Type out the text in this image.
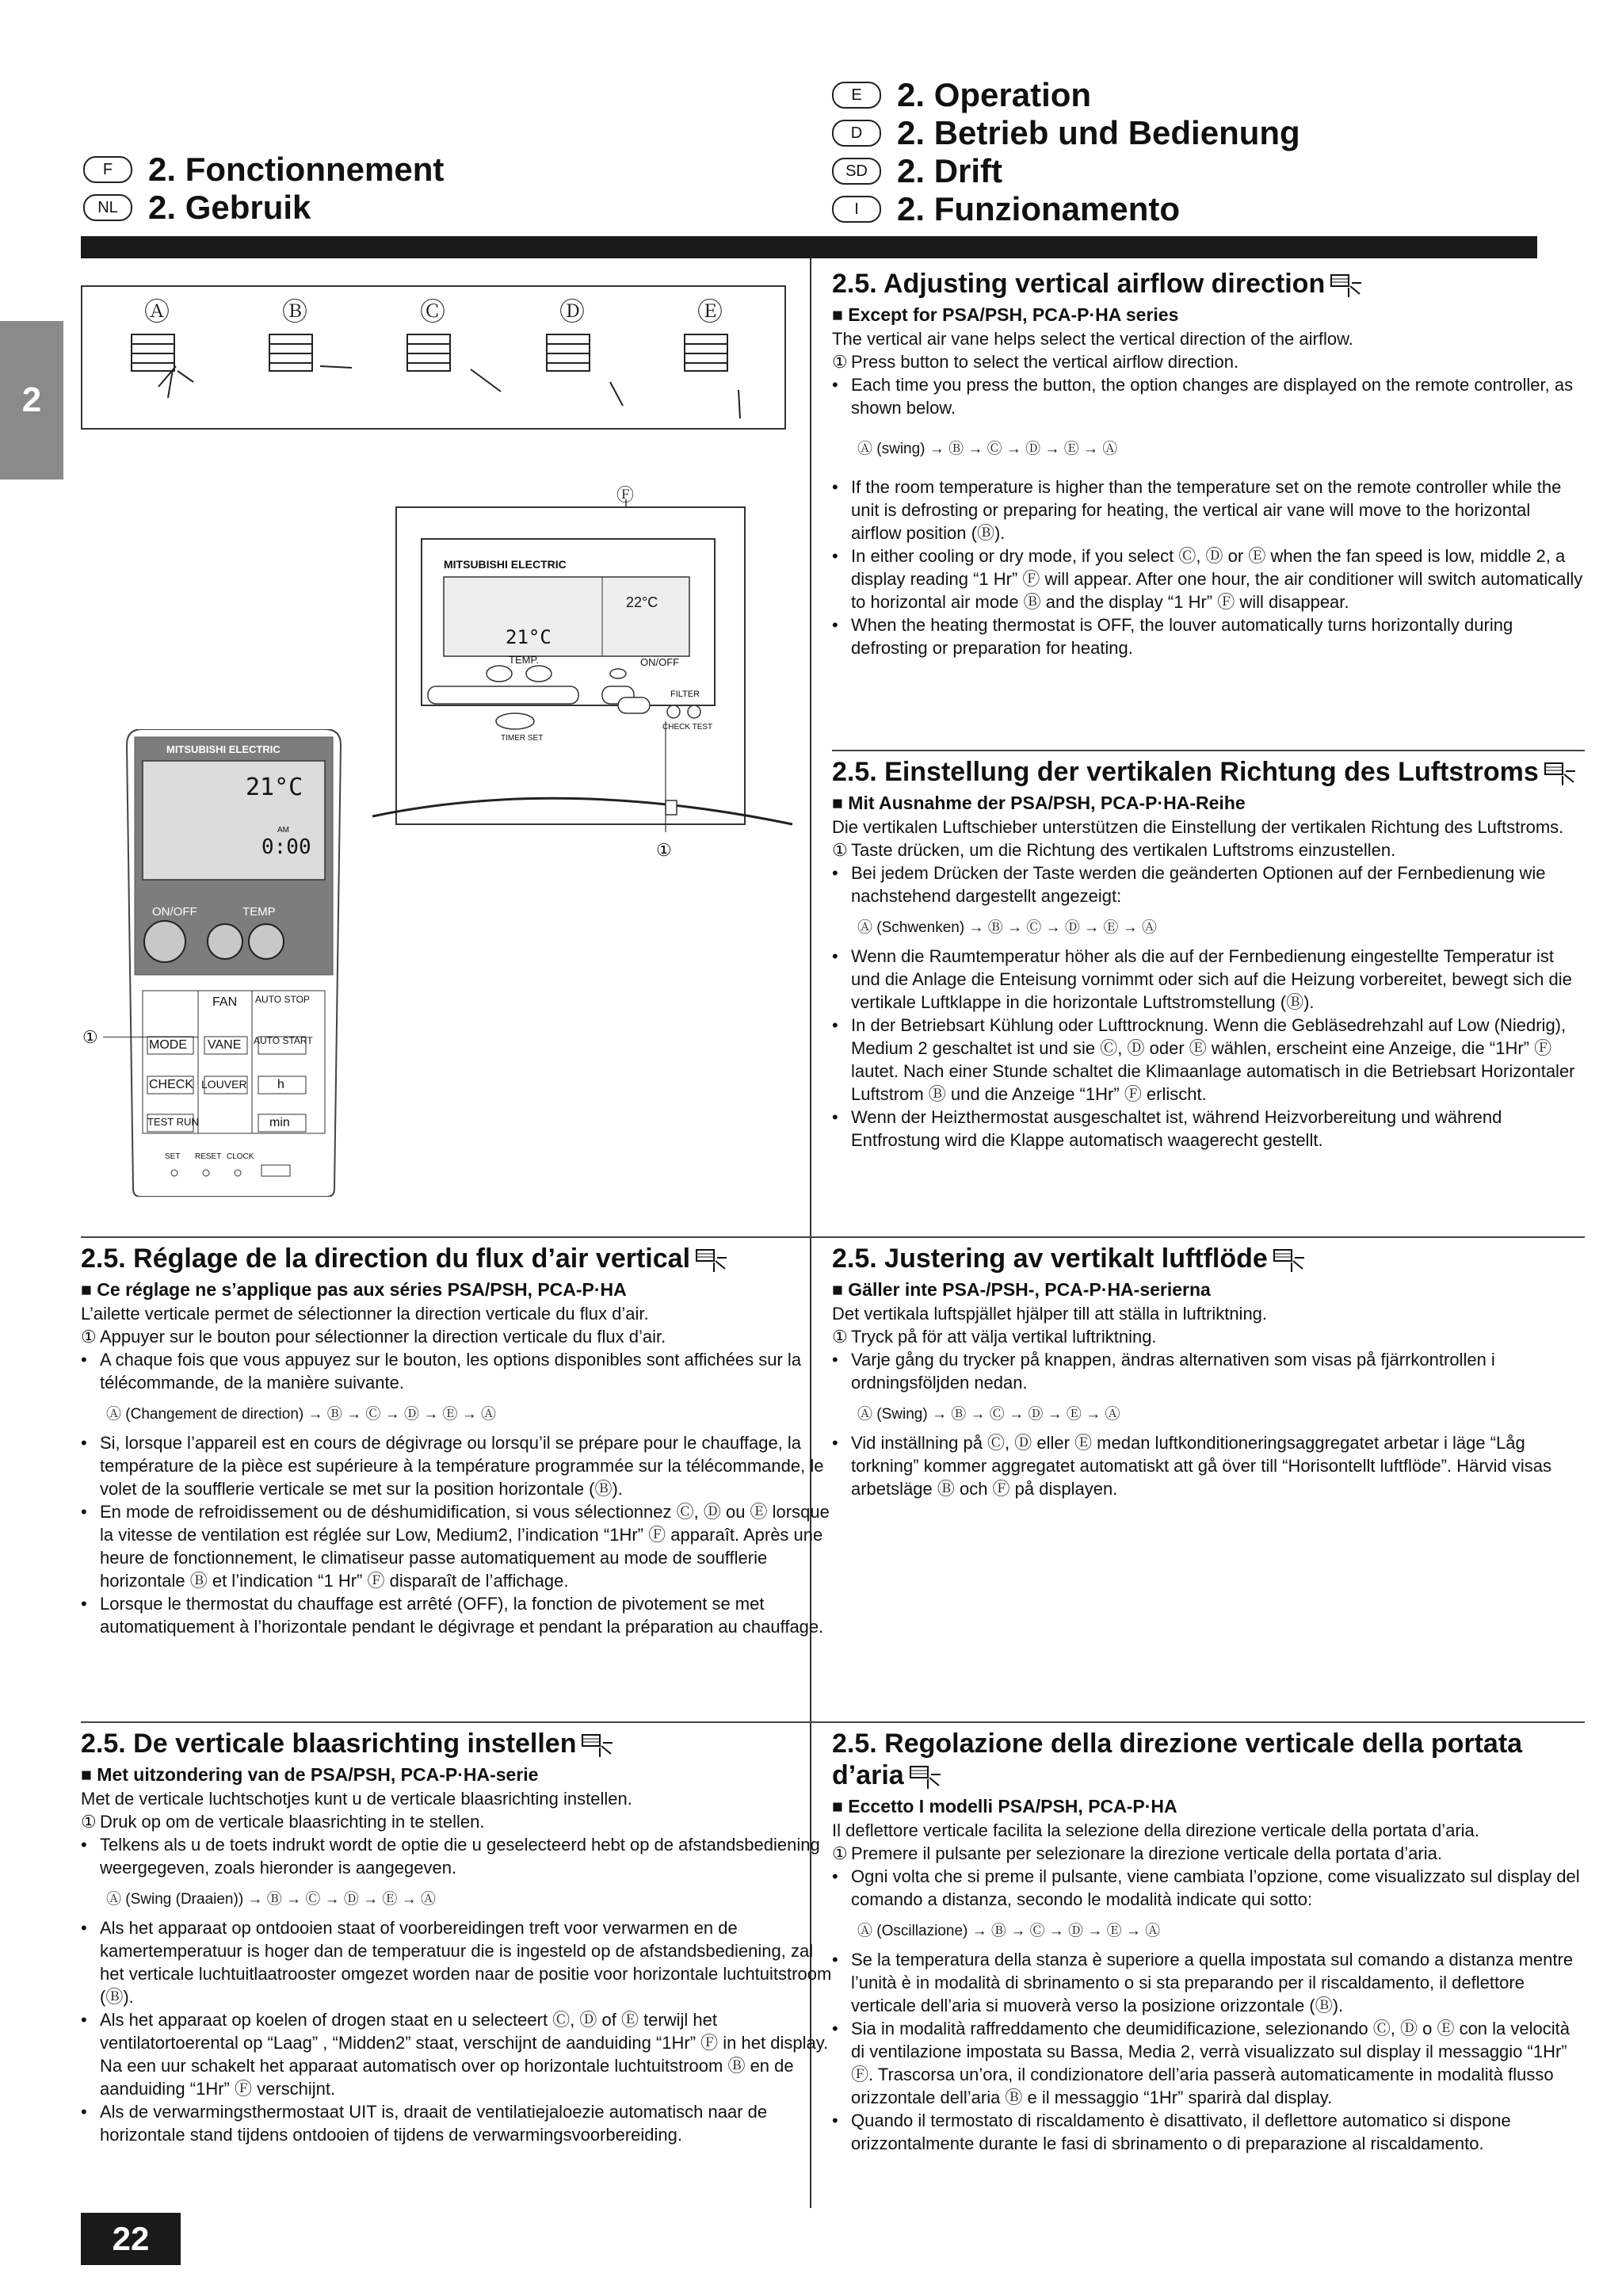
F	2. Fonctionnement
NL 2. Gebruik
E	2. Operation
D	2. Betrieb und Bedienung
SD 2. Drift
I	2. Funzionamento
2
Ⓐ	Ⓑ	Ⓒ	Ⓓ	Ⓔ
Ⓕ
MITSUBISHI ELECTRIC
21°C
22°C
TEMP.	ON/OFF
FILTER
CHECK TEST
TIMER SET
①
MITSUBISHI ELECTRIC
21°C
AM
0:00
ON/OFF	TEMP
FAN
MODE VANE
CHECK LOUVER
TEST RUN
AUTO STOP
AUTO START
h
min
SET RESET CLOCK
①
2.5. Adjusting vertical airflow direction
■ Except for PSA/PSH, PCA-P·HA series

The vertical air vane helps select the vertical direction of the airflow.

① Press button to select the vertical airflow direction.
• Each time you press the button, the option changes are displayed on the remote controller, as shown below.
Ⓐ (swing) → Ⓑ → Ⓒ → Ⓓ → Ⓔ → Ⓐ
• If the room temperature is higher than the temperature set on the remote controller while the unit is defrosting or preparing for heating, the vertical air vane will move to the horizontal airflow position (Ⓑ).
• In either cooling or dry mode, if you select Ⓒ, Ⓓ or Ⓔ when the fan speed is low, middle 2, a display reading “1 Hr” Ⓕ will appear. After one hour, the air conditioner will switch automatically to horizontal air mode Ⓑ and the display “1 Hr” Ⓕ will disappear.
• When the heating thermostat is OFF, the louver automatically turns horizontally during defrosting or preparation for heating.
2.5. Einstellung der vertikalen Richtung des Luftstroms
■ Mit Ausnahme der PSA/PSH, PCA-P·HA-Reihe

Die vertikalen Luftschieber unterstützen die Einstellung der vertikalen Richtung des Luftstroms.

① Taste drücken, um die Richtung des vertikalen Luftstroms einzustellen.
• Bei jedem Drücken der Taste werden die geänderten Optionen auf der Fernbedienung wie nachstehend dargestellt angezeigt:
Ⓐ (Schwenken) → Ⓑ → Ⓒ → Ⓓ → Ⓔ → Ⓐ
• Wenn die Raumtemperatur höher als die auf der Fernbedienung eingestellte Temperatur ist und die Anlage die Enteisung vornimmt oder sich auf die Heizung vorbereitet, bewegt sich die vertikale Luftklappe in die horizontale Luftstromstellung (Ⓑ).
• In der Betriebsart Kühlung oder Lufttrocknung. Wenn die Gebläsedrehzahl auf Low (Niedrig), Medium 2 geschaltet ist und sie Ⓒ, Ⓓ oder Ⓔ wählen, erscheint eine Anzeige, die “1Hr” Ⓕ lautet. Nach einer Stunde schaltet die Klimaanlage automatisch in die Betriebsart Horizontaler Luftstrom Ⓑ und die Anzeige “1Hr” Ⓕ erlischt.
• Wenn der Heizthermostat ausgeschaltet ist, während Heizvorbereitung und während Entfrostung wird die Klappe automatisch waagerecht gestellt.
2.5. Réglage de la direction du flux d’air vertical
■ Ce réglage ne s’applique pas aux séries PSA/PSH, PCA-P·HA

L’ailette verticale permet de sélectionner la direction verticale du flux d’air.

① Appuyer sur le bouton pour sélectionner la direction verticale du flux d’air.
• A chaque fois que vous appuyez sur le bouton, les options disponibles sont affichées sur la télécommande, de la manière suivante.
Ⓐ (Changement de direction) → Ⓑ → Ⓒ → Ⓓ → Ⓔ → Ⓐ
• Si, lorsque l’appareil est en cours de dégivrage ou lorsqu’il se prépare pour le chauffage, la température de la pièce est supérieure à la température programmée sur la télécommande, le volet de la soufflerie verticale se met sur la position horizontale (Ⓑ).
• En mode de refroidissement ou de déshumidification, si vous sélectionnez Ⓒ, Ⓓ ou Ⓔ lorsque la vitesse de ventilation est réglée sur Low, Medium2, l’indication “1Hr” Ⓕ apparaît. Après une heure de fonctionnement, le climatiseur passe automatiquement au mode de soufflerie horizontale Ⓑ et l’indication “1 Hr” Ⓕ disparaît de l’affichage.
• Lorsque le thermostat du chauffage est arrêté (OFF), la fonction de pivotement se met automatiquement à l’horizontale pendant le dégivrage et pendant la préparation au chauffage.
2.5. Justering av vertikalt luftflöde
■ Gäller inte PSA-/PSH-, PCA-P·HA-serierna

Det vertikala luftspjället hjälper till att ställa in luftriktning.

① Tryck på för att välja vertikal luftriktning.
• Varje gång du trycker på knappen, ändras alternativen som visas på fjärrkontrollen i ordningsföljden nedan.
Ⓐ (Swing) → Ⓑ → Ⓒ → Ⓓ → Ⓔ → Ⓐ
• Vid inställning på Ⓒ, Ⓓ eller Ⓔ medan luftkonditioneringsaggregatet arbetar i läge “Låg torkning” kommer aggregatet automatiskt att gå över till “Horisontellt luftflöde”. Härvid visas arbetsläge Ⓑ och Ⓕ på displayen.
2.5. De verticale blaasrichting instellen
■ Met uitzondering van de PSA/PSH, PCA-P·HA-serie

Met de verticale luchtschotjes kunt u de verticale blaasrichting instellen.

① Druk op om de verticale blaasrichting in te stellen.
• Telkens als u de toets indrukt wordt de optie die u geselecteerd hebt op de afstandsbediening weergegeven, zoals hieronder is aangegeven.
Ⓐ (Swing (Draaien)) → Ⓑ → Ⓒ → Ⓓ → Ⓔ → Ⓐ
• Als het apparaat op ontdooien staat of voorbereidingen treft voor verwarmen en de kamertemperatuur is hoger dan de temperatuur die is ingesteld op de afstandsbediening, zal het verticale luchtuitlaatrooster omgezet worden naar de positie voor horizontale luchtuitstroom (Ⓑ).
• Als het apparaat op koelen of drogen staat en u selecteert Ⓒ, Ⓓ of Ⓔ terwijl het ventilatortoerental op “Laag” , “Midden2” staat, verschijnt de aanduiding “1Hr” Ⓕ in het display. Na een uur schakelt het apparaat automatisch over op horizontale luchtuitstroom Ⓑ en de aanduiding “1Hr” Ⓕ verschijnt.
• Als de verwarmingsthermostaat UIT is, draait de ventilatiejaloezie automatisch naar de horizontale stand tijdens ontdooien of tijdens de verwarmingsvoorbereiding.
2.5. Regolazione della direzione verticale della portata d’aria
■ Eccetto I modelli PSA/PSH, PCA-P·HA

Il deflettore verticale facilita la selezione della direzione verticale della portata d’aria.

① Premere il pulsante per selezionare la direzione verticale della portata d’aria.
• Ogni volta che si preme il pulsante, viene cambiata l’opzione, come visualizzato sul display del comando a distanza, secondo le modalità indicate qui sotto:
Ⓐ (Oscillazione) → Ⓑ → Ⓒ → Ⓓ → Ⓔ → Ⓐ
• Se la temperatura della stanza è superiore a quella impostata sul comando a distanza mentre l’unità è in modalità di sbrinamento o si sta preparando per il riscaldamento, il deflettore verticale dell’aria si muoverà verso la posizione orizzontale (Ⓑ).
• Sia in modalità raffreddamento che deumidificazione, selezionando Ⓒ, Ⓓ o Ⓔ con la velocità di ventilazione impostata su Bassa, Media 2, verrà visualizzato sul display il messaggio “1Hr” Ⓕ. Trascorsa un’ora, il condizionatore dell’aria passerà automaticamente in modalità flusso orizzontale dell’aria Ⓑ e il messaggio “1Hr” sparirà dal display.
• Quando il termostato di riscaldamento è disattivato, il deflettore automatico si dispone orizzontalmente durante le fasi di sbrinamento o di preparazione al riscaldamento.
22
